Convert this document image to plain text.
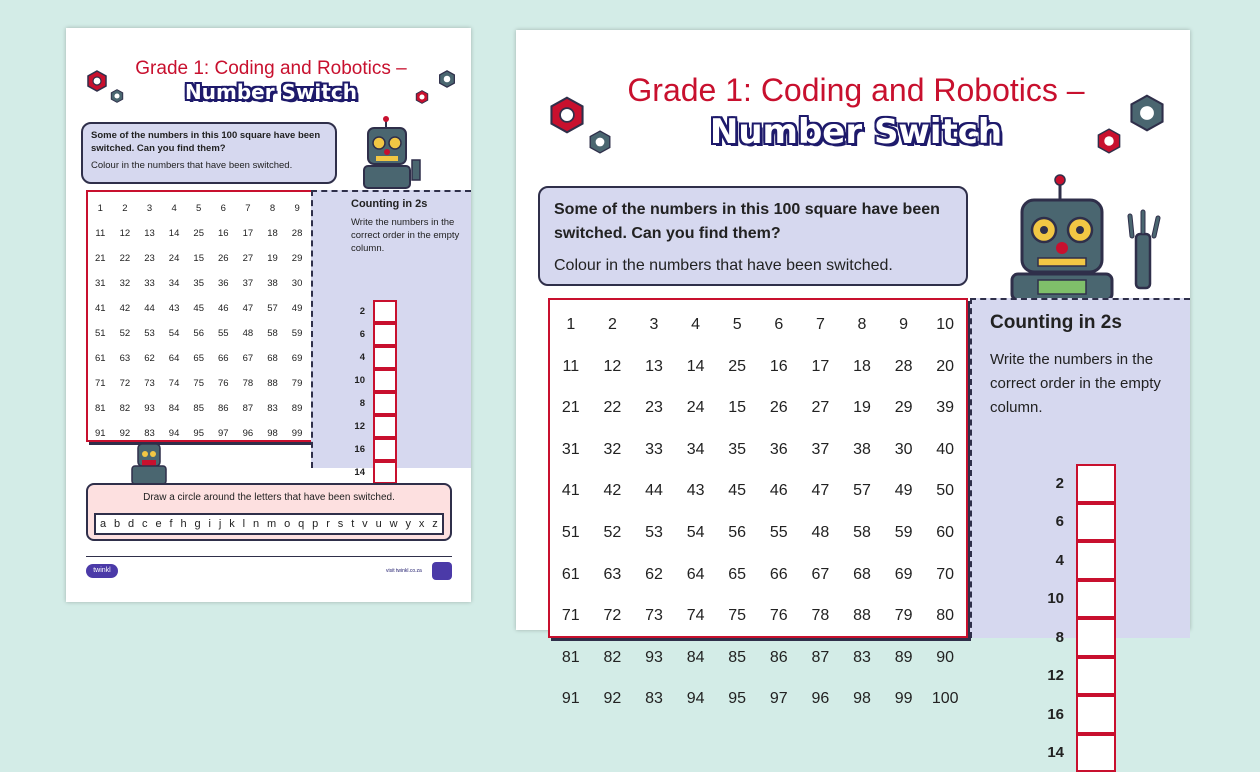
Grade 1: Coding and Robotics –
Number Switch
Some of the numbers in this 100 square have been switched. Can you find them?
Colour in the numbers that have been switched.
1	2	3	4	5	6	7	8	9
11	12	13	14	25	16	17	18	28
21	22	23	24	15	26	27	19	29
31	32	33	34	35	36	37	38	30
41	42	44	43	45	46	47	57	49
51	52	53	54	56	55	48	58	59
61	63	62	64	65	66	67	68	69
71	72	73	74	75	76	78	88	79
81	82	93	84	85	86	87	83	89
91	92	83	94	95	97	96	98	99
Counting in 2s
Write the numbers in the correct order in the empty column.
2
6
4
10
8
12
16
14
Draw a circle around the letters that have been switched.
a b d c e f h g i j k l n m o q p r s t v u w y x z
twinkl	visit twinkl.co.za
Grade 1: Coding and Robotics –
Number Switch
Some of the numbers in this 100 square have been switched. Can you find them?
Colour in the numbers that have been switched.
1	2	3	4	5	6	7	8	9	10
11	12	13	14	25	16	17	18	28	20
21	22	23	24	15	26	27	19	29	39
31	32	33	34	35	36	37	38	30	40
41	42	44	43	45	46	47	57	49	50
51	52	53	54	56	55	48	58	59	60
61	63	62	64	65	66	67	68	69	70
71	72	73	74	75	76	78	88	79	80
81	82	93	84	85	86	87	83	89	90
91	92	83	94	95	97	96	98	99	100
Counting in 2s
Write the numbers in the correct order in the empty column.
2
6
4
10
8
12
16
14
